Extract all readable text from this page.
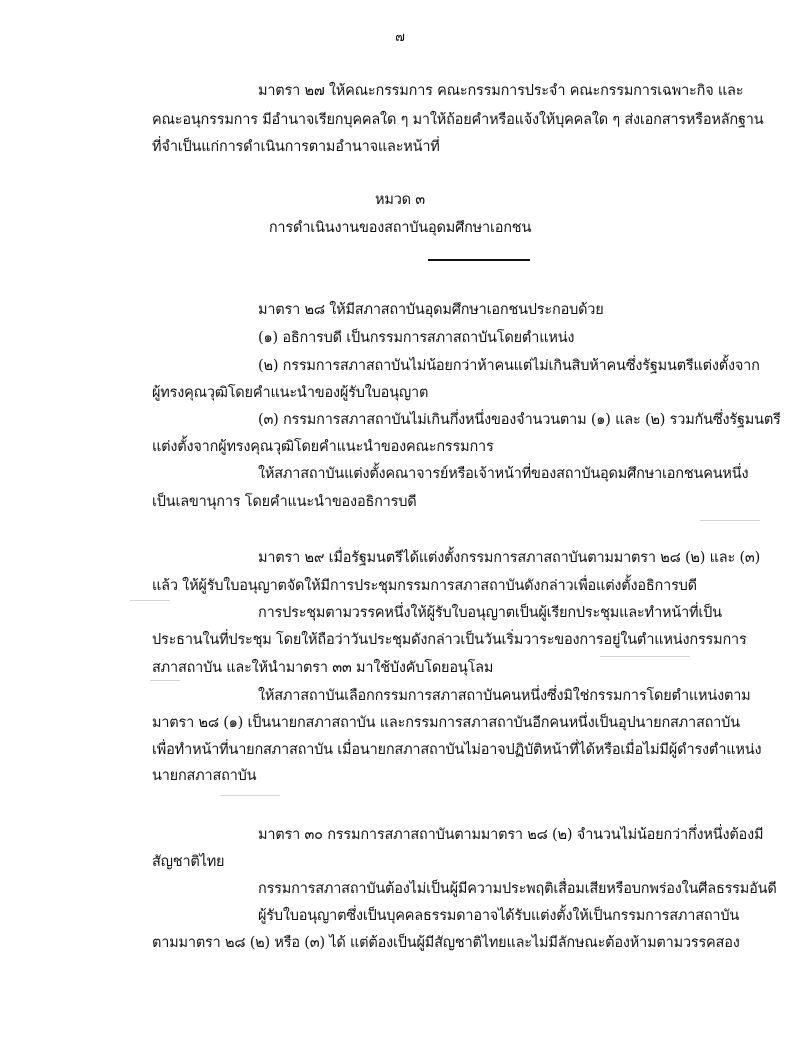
๗
มาตรา ๒๗ ให้คณะกรรมการ คณะกรรมการประจำ คณะกรรมการเฉพาะกิจ และ
คณะอนุกรรมการ มีอำนาจเรียกบุคคลใด ๆ มาให้ถ้อยคำหรือแจ้งให้บุคคลใด ๆ ส่งเอกสารหรือหลักฐาน
ที่จำเป็นแก่การดำเนินการตามอำนาจและหน้าที่
หมวด ๓
การดำเนินงานของสถาบันอุดมศึกษาเอกชน
มาตรา ๒๘ ให้มีสภาสถาบันอุดมศึกษาเอกชนประกอบด้วย
(๑) อธิการบดี เป็นกรรมการสภาสถาบันโดยตำแหน่ง
(๒) กรรมการสภาสถาบันไม่น้อยกว่าห้าคนแต่ไม่เกินสิบห้าคนซึ่งรัฐมนตรีแต่งตั้งจาก
ผู้ทรงคุณวุฒิโดยคำแนะนำของผู้รับใบอนุญาต
(๓) กรรมการสภาสถาบันไม่เกินกึ่งหนึ่งของจำนวนตาม (๑) และ (๒) รวมกันซึ่งรัฐมนตรี
แต่งตั้งจากผู้ทรงคุณวุฒิโดยคำแนะนำของคณะกรรมการ
ให้สภาสถาบันแต่งตั้งคณาจารย์หรือเจ้าหน้าที่ของสถาบันอุดมศึกษาเอกชนคนหนึ่ง
เป็นเลขานุการ โดยคำแนะนำของอธิการบดี
มาตรา ๒๙ เมื่อรัฐมนตรีได้แต่งตั้งกรรมการสภาสถาบันตามมาตรา ๒๘ (๒) และ (๓)
แล้ว ให้ผู้รับใบอนุญาตจัดให้มีการประชุมกรรมการสภาสถาบันดังกล่าวเพื่อแต่งตั้งอธิการบดี
การประชุมตามวรรคหนึ่งให้ผู้รับใบอนุญาตเป็นผู้เรียกประชุมและทำหน้าที่เป็น
ประธานในที่ประชุม โดยให้ถือว่าวันประชุมดังกล่าวเป็นวันเริ่มวาระของการอยู่ในตำแหน่งกรรมการ
สภาสถาบัน และให้นำมาตรา ๓๓ มาใช้บังคับโดยอนุโลม
ให้สภาสถาบันเลือกกรรมการสภาสถาบันคนหนึ่งซึ่งมิใช่กรรมการโดยตำแหน่งตาม
มาตรา ๒๘ (๑) เป็นนายกสภาสถาบัน และกรรมการสภาสถาบันอีกคนหนึ่งเป็นอุปนายกสภาสถาบัน
เพื่อทำหน้าที่นายกสภาสถาบัน เมื่อนายกสภาสถาบันไม่อาจปฏิบัติหน้าที่ได้หรือเมื่อไม่มีผู้ดำรงตำแหน่ง
นายกสภาสถาบัน
มาตรา ๓๐ กรรมการสภาสถาบันตามมาตรา ๒๘ (๒) จำนวนไม่น้อยกว่ากึ่งหนึ่งต้องมี
สัญชาติไทย
กรรมการสภาสถาบันต้องไม่เป็นผู้มีความประพฤติเสื่อมเสียหรือบกพร่องในศีลธรรมอันดี
ผู้รับใบอนุญาตซึ่งเป็นบุคคลธรรมดาอาจได้รับแต่งตั้งให้เป็นกรรมการสภาสถาบัน
ตามมาตรา ๒๘ (๒) หรือ (๓) ได้ แต่ต้องเป็นผู้มีสัญชาติไทยและไม่มีลักษณะต้องห้ามตามวรรคสอง
